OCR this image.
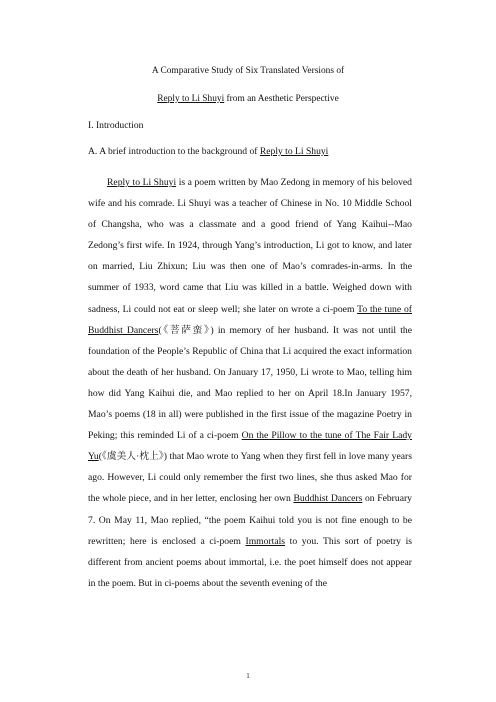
A Comparative Study of Six Translated Versions of
Reply to Li Shuyi from an Aesthetic Perspective
I. Introduction
A. A brief introduction to the background of Reply to Li Shuyi
Reply to Li Shuyi is a poem written by Mao Zedong in memory of his beloved wife and his comrade. Li Shuyi was a teacher of Chinese in No. 10 Middle School of Changsha, who was a classmate and a good friend of Yang Kaihui--Mao Zedong’s first wife. In 1924, through Yang’s introduction, Li got to know, and later on married, Liu Zhixun; Liu was then one of Mao’s comrades-in-arms. In the summer of 1933, word came that Liu was killed in a battle. Weighed down with sadness, Li could not eat or sleep well; she later on wrote a ci-poem To the tune of Buddhist Dancers(《菩萨蛮》) in memory of her husband. It was not until the foundation of the People’s Republic of China that Li acquired the exact information about the death of her husband. On January 17, 1950, Li wrote to Mao, telling him how did Yang Kaihui die, and Mao replied to her on April 18.In January 1957, Mao’s poems (18 in all) were published in the first issue of the magazine Poetry in Peking; this reminded Li of a ci-poem On the Pillow to the tune of The Fair Lady Yu(《虞美人·枕上》) that Mao wrote to Yang when they first fell in love many years ago. However, Li could only remember the first two lines, she thus asked Mao for the whole piece, and in her letter, enclosing her own Buddhist Dancers on February 7. On May 11, Mao replied, “the poem Kaihui told you is not fine enough to be rewritten; here is enclosed a ci-poem Immortals to you. This sort of poetry is different from ancient poems about immortal, i.e. the poet himself does not appear in the poem. But in ci-poems about the seventh evening of the
1
